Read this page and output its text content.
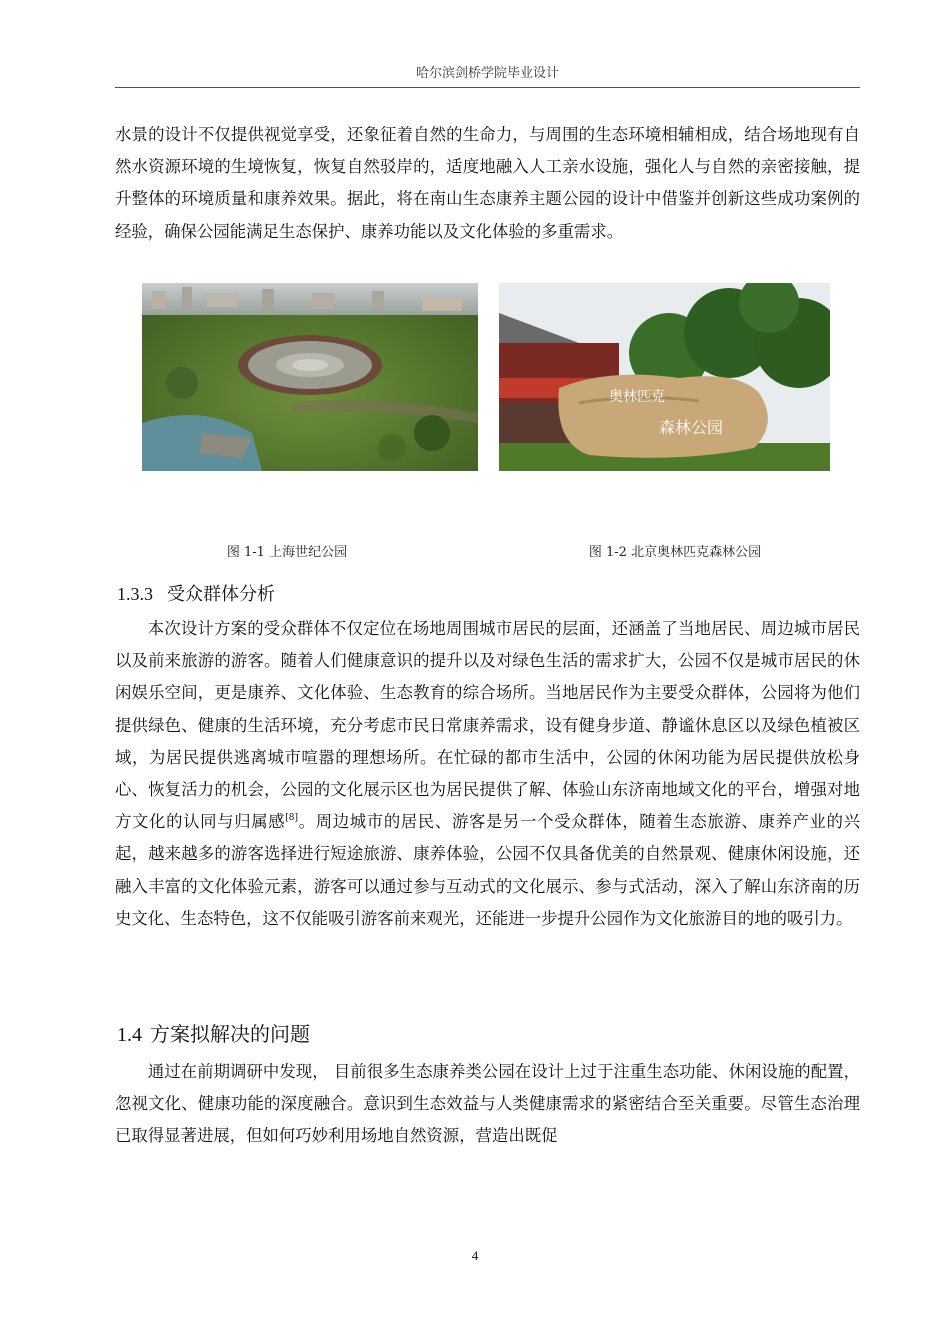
哈尔滨剑桥学院毕业设计

水景的设计不仅提供视觉享受，还象征着自然的生命力，与周围的生态环境相辅相成，结合场地现有自然水资源环境的生境恢复，恢复自然驳岸的，适度地融入人工亲水设施，强化人与自然的亲密接触，提升整体的环境质量和康养效果。据此，将在南山生态康养主题公园的设计中借鉴并创新这些成功案例的经验，确保公园能满足生态保护、康养功能以及文化体验的多重需求。

奥林匹克
森林公园
图 1-1 上海世纪公园	图 1-2 北京奥林匹克森林公园
1.3.3 受众群体分析

本次设计方案的受众群体不仅定位在场地周围城市居民的层面，还涵盖了当地居民、周边城市居民以及前来旅游的游客。随着人们健康意识的提升以及对绿色生活的需求扩大，公园不仅是城市居民的休闲娱乐空间，更是康养、文化体验、生态教育的综合场所。当地居民作为主要受众群体，公园将为他们提供绿色、健康的生活环境，充分考虑市民日常康养需求，设有健身步道、静谧休息区以及绿色植被区域，为居民提供逃离城市喧嚣的理想场所。在忙碌的都市生活中，公园的休闲功能为居民提供放松身心、恢复活力的机会，公园的文化展示区也为居民提供了解、体验山东济南地域文化的平台，增强对地方文化的认同与归属感[8]。周边城市的居民、游客是另一个受众群体，随着生态旅游、康养产业的兴起，越来越多的游客选择进行短途旅游、康养体验，公园不仅具备优美的自然景观、健康休闲设施，还融入丰富的文化体验元素，游客可以通过参与互动式的文化展示、参与式活动，深入了解山东济南的历史文化、生态特色，这不仅能吸引游客前来观光，还能进一步提升公园作为文化旅游目的地的吸引力。

1.4 方案拟解决的问题

通过在前期调研中发现， 目前很多生态康养类公园在设计上过于注重生态功能、休闲设施的配置，忽视文化、健康功能的深度融合。意识到生态效益与人类健康需求的紧密结合至关重要。尽管生态治理已取得显著进展，但如何巧妙利用场地自然资源，营造出既促

4
